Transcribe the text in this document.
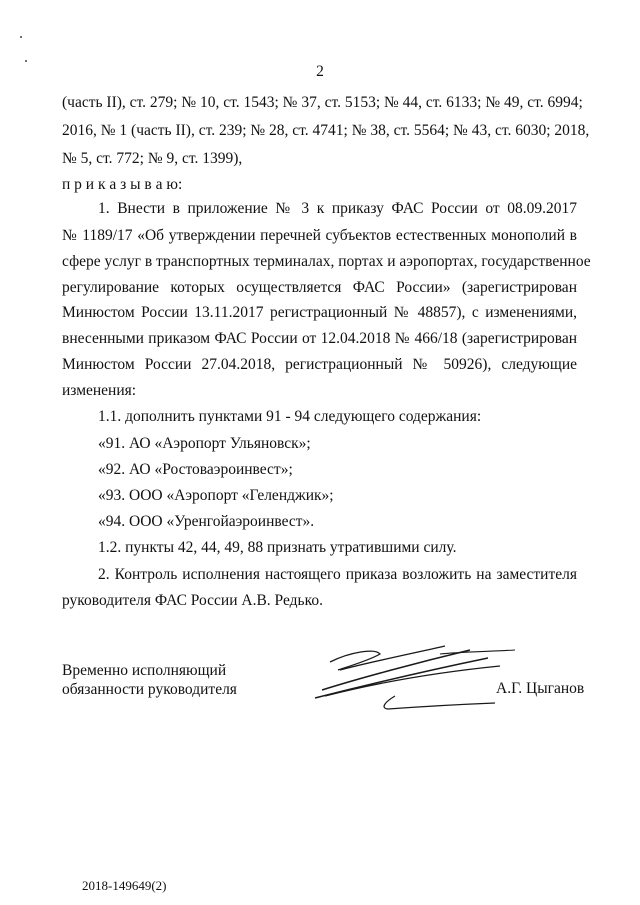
2
(часть II), ст. 279; № 10, ст. 1543; № 37, ст. 5153; № 44, ст. 6133; № 49, ст. 6994;
2016, № 1 (часть II), ст. 239; № 28, ст. 4741; № 38, ст. 5564; № 43, ст. 6030; 2018,
№ 5, ст. 772; № 9, ст. 1399),
п р и к а з ы в а ю:
1. Внести в приложение № 3 к приказу ФАС России от 08.09.2017
№ 1189/17 «Об утверждении перечней субъектов естественных монополий в
сфере услуг в транспортных терминалах, портах и аэропортах, государственное
регулирование которых осуществляется ФАС России» (зарегистрирован
Минюстом России 13.11.2017 регистрационный № 48857), с изменениями,
внесенными приказом ФАС России от 12.04.2018 № 466/18 (зарегистрирован
Минюстом России 27.04.2018, регистрационный № 50926), следующие
изменения:
1.1. дополнить пунктами 91 - 94 следующего содержания:
«91. АО «Аэропорт Ульяновск»;
«92. АО «Ростоваэроинвест»;
«93. ООО «Аэропорт «Геленджик»;
«94. ООО «Уренгойаэроинвест».
1.2. пункты 42, 44, 49, 88 признать утратившими силу.
2. Контроль исполнения настоящего приказа возложить на заместителя
руководителя ФАС России А.В. Редько.
Временно исполняющий
обязанности руководителя	А.Г. Цыганов
2018-149649(2)
